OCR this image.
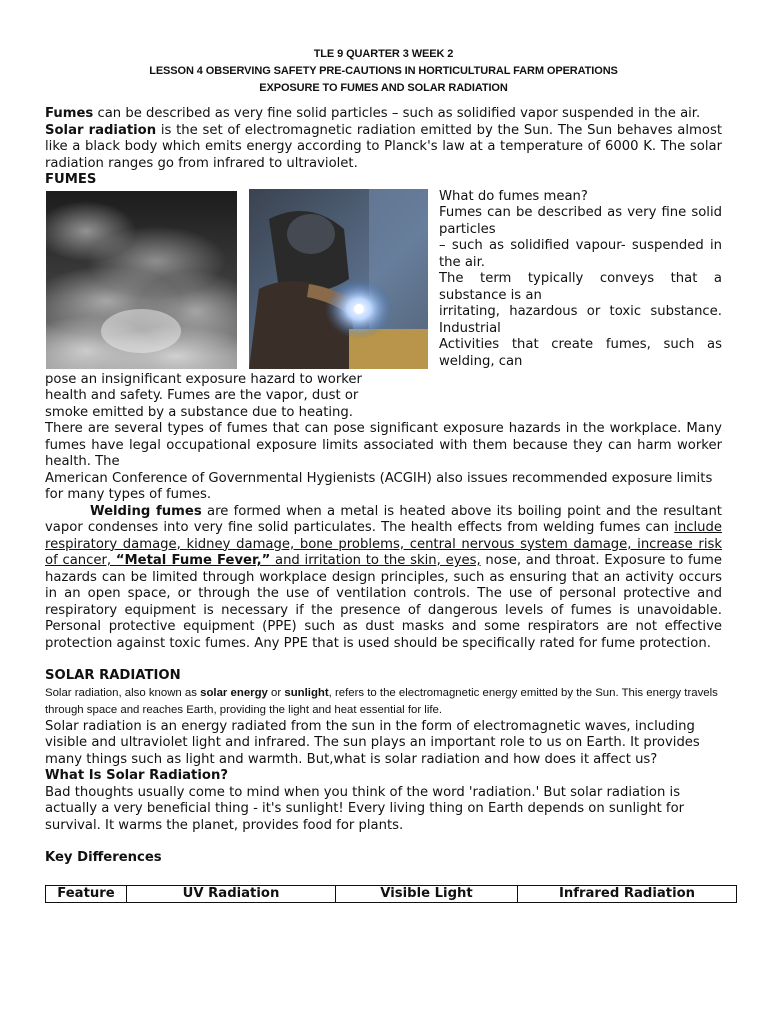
TLE 9 QUARTER 3 WEEK 2
LESSON 4 OBSERVING SAFETY PRE-CAUTIONS IN HORTICULTURAL FARM OPERATIONS
EXPOSURE TO FUMES AND SOLAR RADIATION

Fumes can be described as very fine solid particles – such as solidified vapor suspended in the air.

Solar radiation is the set of electromagnetic radiation emitted by the Sun. The Sun behaves almost like a black body which emits energy according to Planck's law at a temperature of 6000 K. The solar radiation ranges go from infrared to ultraviolet.

FUMES

What do fumes mean?

Fumes can be described as very fine solid particles

– such as solidified vapour- suspended in the air.

The term typically conveys that a substance is an

irritating, hazardous or toxic substance. Industrial

Activities that create fumes, such as welding, can

pose an insignificant exposure hazard to worker

health and safety. Fumes are the vapor, dust or

smoke emitted by a substance due to heating.

There are several types of fumes that can pose significant exposure hazards in the workplace. Many fumes have legal occupational exposure limits associated with them because they can harm worker health. The

American Conference of Governmental Hygienists (ACGIH) also issues recommended exposure limits for many types of fumes.

Welding fumes are formed when a metal is heated above its boiling point and the resultant vapor condenses into very fine solid particulates. The health effects from welding fumes can include respiratory damage, kidney damage, bone problems, central nervous system damage, increase risk of cancer, “Metal Fume Fever,” and irritation to the skin, eyes, nose, and throat. Exposure to fume hazards can be limited through workplace design principles, such as ensuring that an activity occurs in an open space, or through the use of ventilation controls. The use of personal protective and respiratory equipment is necessary if the presence of dangerous levels of fumes is unavoidable. Personal protective equipment (PPE) such as dust masks and some respirators are not effective protection against toxic fumes. Any PPE that is used should be specifically rated for fume protection.

SOLAR RADIATION

Solar radiation, also known as solar energy or sunlight, refers to the electromagnetic energy emitted by the Sun. This energy travels through space and reaches Earth, providing the light and heat essential for life.

Solar radiation is an energy radiated from the sun in the form of electromagnetic waves, including visible and ultraviolet light and infrared. The sun plays an important role to us on Earth. It provides many things such as light and warmth. But,what is solar radiation and how does it affect us?

What Is Solar Radiation?

Bad thoughts usually come to mind when you think of the word 'radiation.' But solar radiation is actually a very beneficial thing - it's sunlight! Every living thing on Earth depends on sunlight for survival. It warms the planet, provides food for plants.

Key Differences

Feature	UV Radiation	Visible Light	Infrared Radiation
